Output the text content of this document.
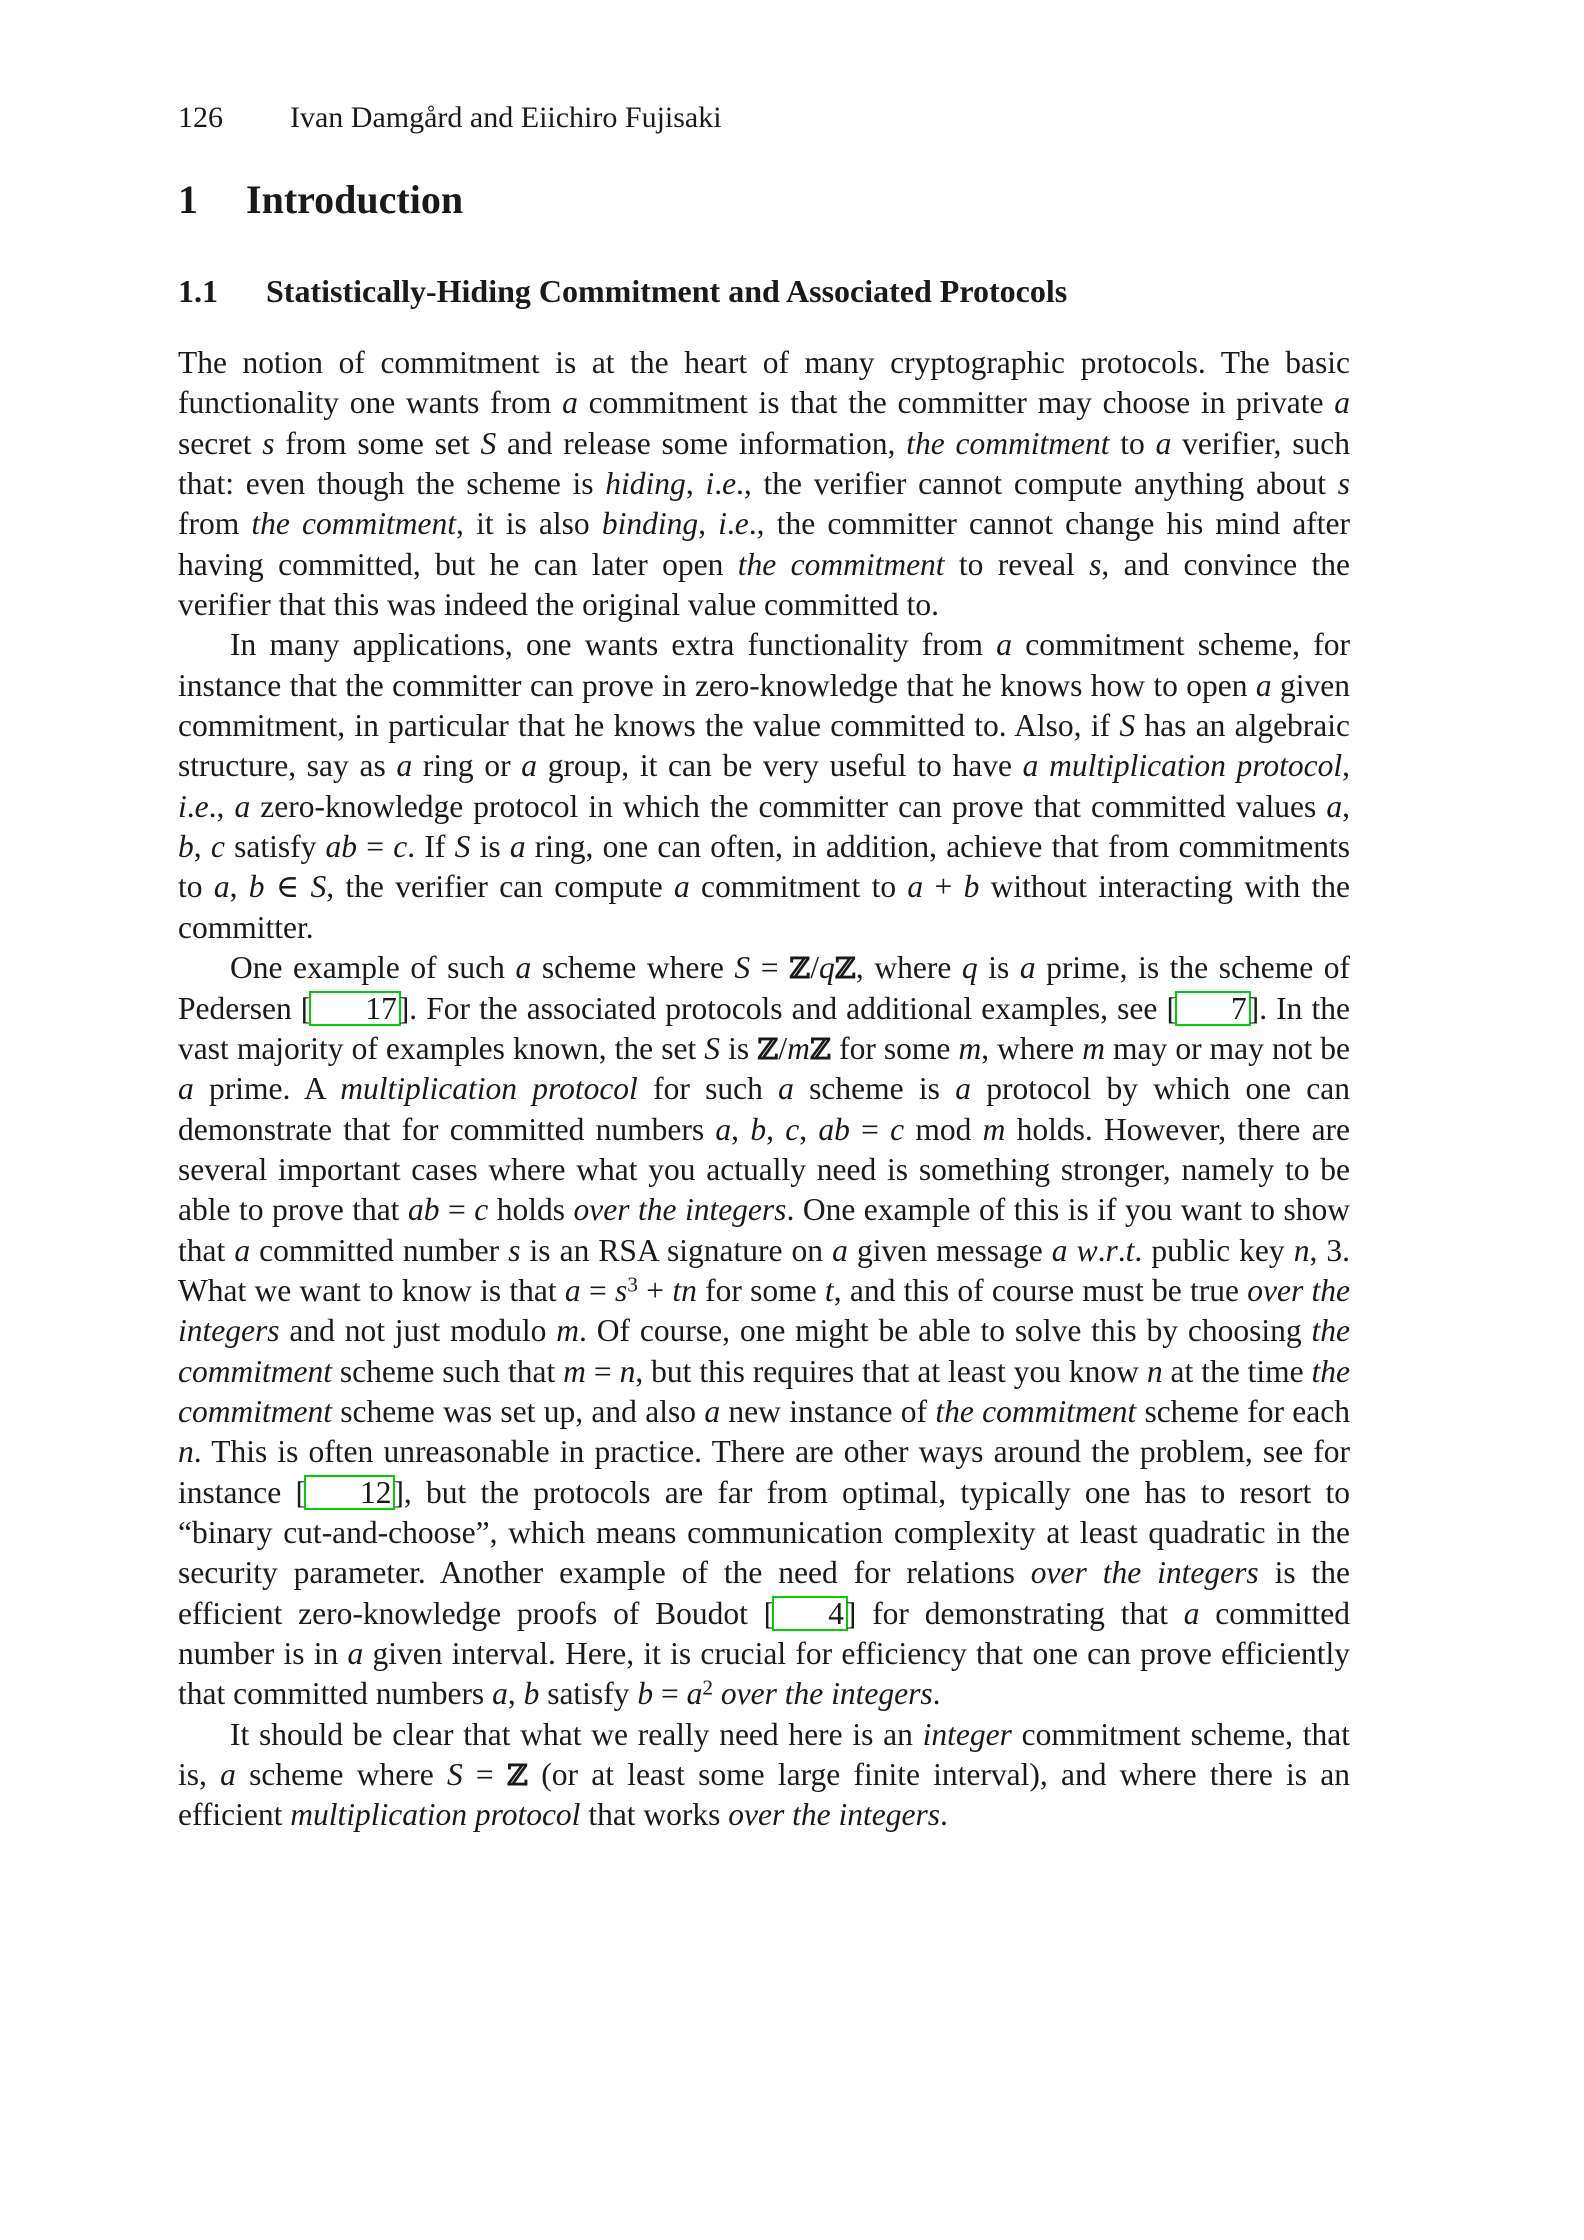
126 Ivan Damgård and Eiichiro Fujisaki
1 Introduction
1.1 Statistically-Hiding Commitment and Associated Protocols

The notion of commitment is at the heart of many cryptographic protocols. The basic functionality one wants from a commitment is that the committer may choose in private a secret s from some set S and release some information, the commitment to a verifier, such that: even though the scheme is hiding, i.e., the verifier cannot compute anything about s from the commitment, it is also binding, i.e., the committer cannot change his mind after having committed, but he can later open the commitment to reveal s, and convince the verifier that this was indeed the original value committed to.

In many applications, one wants extra functionality from a commitment scheme, for instance that the committer can prove in zero-knowledge that he knows how to open a given commitment, in particular that he knows the value committed to. Also, if S has an algebraic structure, say as a ring or a group, it can be very useful to have a multiplication protocol, i.e., a zero-knowledge protocol in which the committer can prove that committed values a, b, c satisfy ab = c. If S is a ring, one can often, in addition, achieve that from commitments to a, b ∈ S, the verifier can compute a commitment to a + b without interacting with the committer.

One example of such a scheme where S = ℤ/qℤ, where q is a prime, is the scheme of Pedersen [ 17]. For the associated protocols and additional examples, see [ 7]. In the vast majority of examples known, the set S is ℤ/mℤ for some m, where m may or may not be a prime. A multiplication protocol for such a scheme is a protocol by which one can demonstrate that for committed numbers a, b, c, ab = c mod m holds. However, there are several important cases where what you actually need is something stronger, namely to be able to prove that ab = c holds over the integers. One example of this is if you want to show that a committed number s is an RSA signature on a given message a w.r.t. public key n, 3. What we want to know is that $a = s^3$ + tn for some t, and this of course must be true over the integers and not just modulo m. Of course, one might be able to solve this by choosing the commitment scheme such that m = n, but this requires that at least you know n at the time the commitment scheme was set up, and also a new instance of the commitment scheme for each n. This is often unreasonable in practice. There are other ways around the problem, see for instance [ 12], but the protocols are far from optimal, typically one has to resort to “binary cut-and-choose”, which means communication complexity at least quadratic in the security parameter. Another example of the need for relations over the integers is the efficient zero-knowledge proofs of Boudot [ 4] for demonstrating that a committed number is in a given interval. Here, it is crucial for efficiency that one can prove efficiently that committed numbers a, b satisfy $b = a^2$ over the integers.

It should be clear that what we really need here is an integer commitment scheme, that is, a scheme where S = ℤ (or at least some large finite interval), and where there is an efficient multiplication protocol that works over the integers.
